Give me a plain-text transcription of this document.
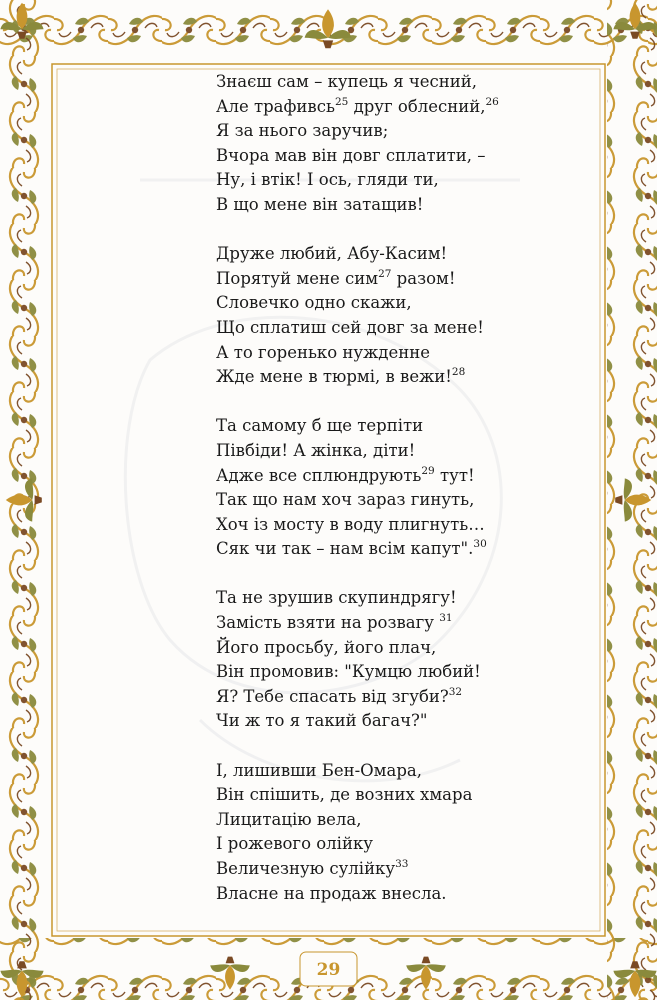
Знаєш сам – купець я чесний,
Але трафивсь$^{25}$ друг облесний,$^{26}$
Я за нього заручив;
Вчора мав він довг сплатити, –
Ну, і втік! І ось, гляди ти,
В що мене він затащив!
Друже любий, Абу-Касим!
Порятуй мене сим$^{27}$ разом!
Словечко одно скажи,
Що сплатиш сей довг за мене!
А то горенько нужденне
Жде мене в тюрмі, в вежи!$^{28}$
Та самому б ще терпіти
Півбіди! А жінка, діти!
Адже все сплюндрують$^{29}$ тут!
Так що нам хоч зараз гинуть,
Хоч із мосту в воду плигнуть…
Сяк чи так – нам всім капут".$^{30}$
Та не зрушив скупиндрягу!
Замість взяти на розвагу $^{31}$
Його просьбу, його плач,
Він промовив: "Кумцю любий!
Я? Тебе спасать від згуби?$^{32}$
Чи ж то я такий багач?"
І, лишивши Бен-Омара,
Він спішить, де возних хмара
Лицитацію вела,
І рожевого олійку
Величезную сулійку$^{33}$
Власне на продаж внесла.
29
